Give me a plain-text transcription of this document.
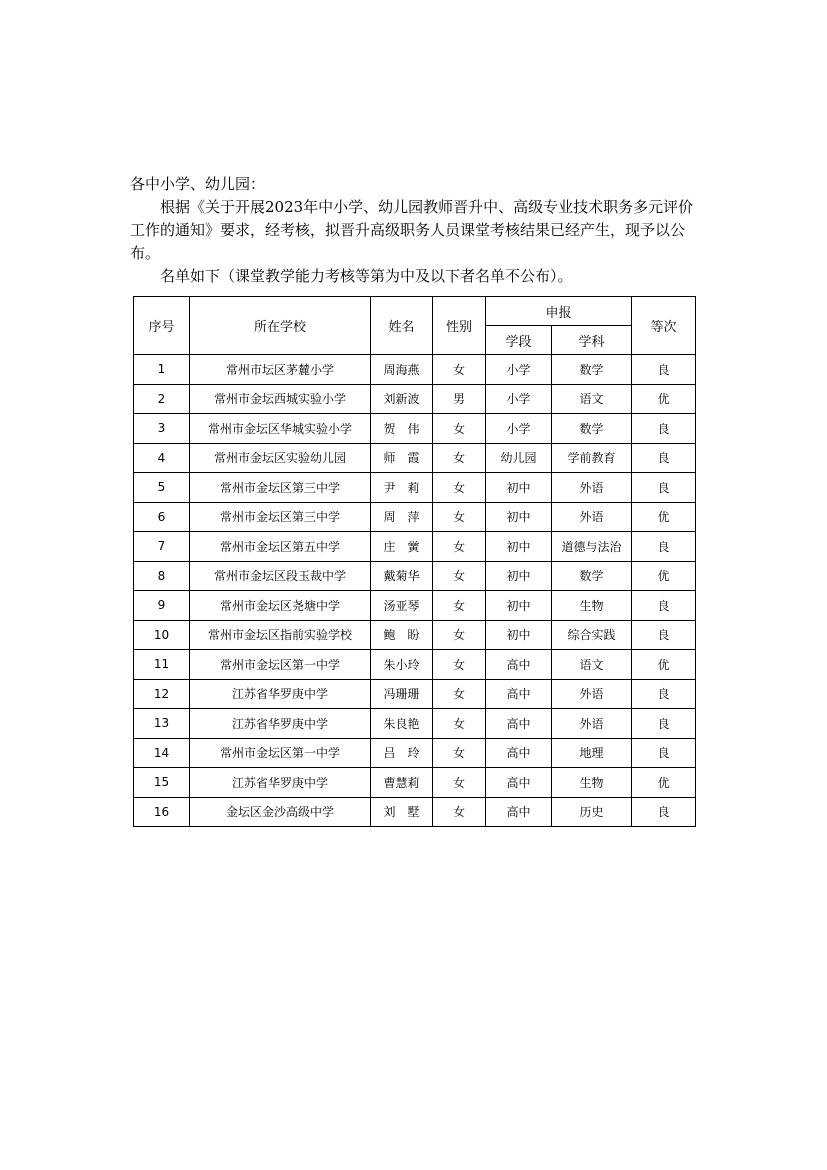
各中小学、幼儿园：

根据《关于开展2023年中小学、幼儿园教师晋升中、高级专业技术职务多元评价工作的通知》要求，经考核，拟晋升高级职务人员课堂考核结果已经产生，现予以公布。

名单如下（课堂教学能力考核等第为中及以下者名单不公布）。

序号	所在学校	姓名	性别	申报		等次
				学段	学科	
1	常州市坛区茅麓小学	周海燕	女	小学	数学	良
2	常州市金坛西城实验小学	刘新波	男	小学	语文	优
3	常州市金坛区华城实验小学	贺　伟	女	小学	数学	良
4	常州市金坛区实验幼儿园	师　霞	女	幼儿园	学前教育	良
5	常州市金坛区第三中学	尹　莉	女	初中	外语	良
6	常州市金坛区第三中学	周　萍	女	初中	外语	优
7	常州市金坛区第五中学	庄　黉	女	初中	道德与法治	良
8	常州市金坛区段玉裁中学	戴菊华	女	初中	数学	优
9	常州市金坛区尧塘中学	汤亚琴	女	初中	生物	良
10	常州市金坛区指前实验学校	鲍　盼	女	初中	综合实践	良
11	常州市金坛区第一中学	朱小玲	女	高中	语文	优
12	江苏省华罗庚中学	冯珊珊	女	高中	外语	良
13	江苏省华罗庚中学	朱良艳	女	高中	外语	良
14	常州市金坛区第一中学	吕　玲	女	高中	地理	良
15	江苏省华罗庚中学	曹慧莉	女	高中	生物	优
16	金坛区金沙高级中学	刘　墅	女	高中	历史	良
